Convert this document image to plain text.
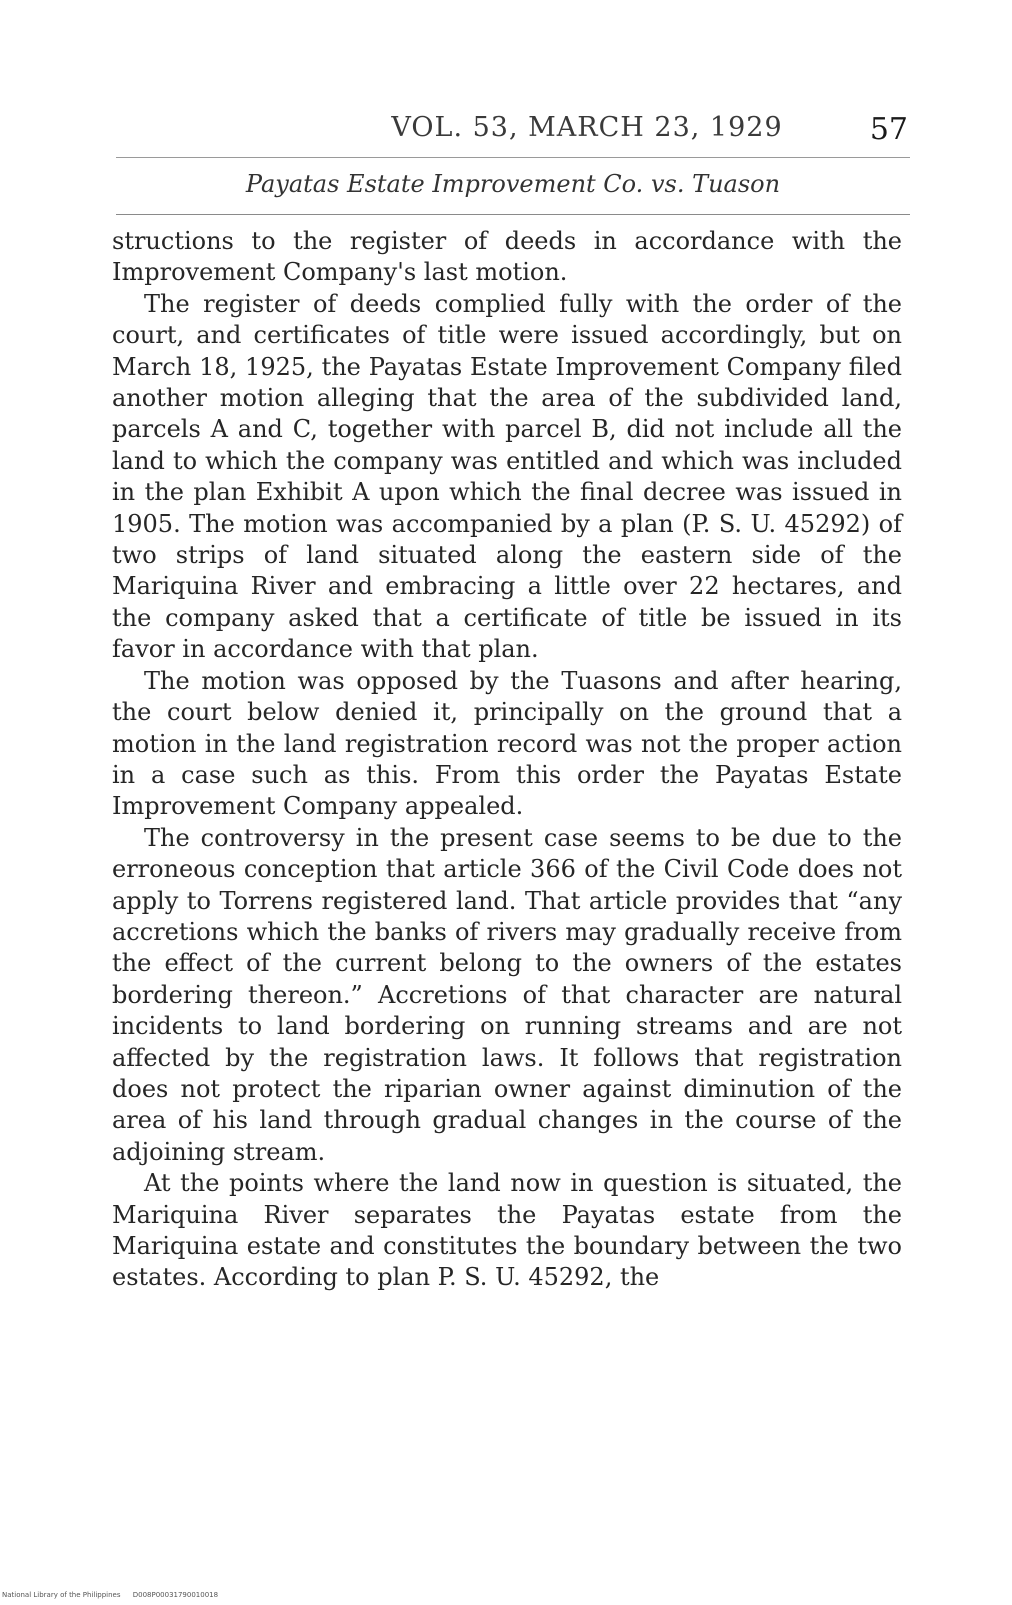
VOL. 53, MARCH 23, 1929	57
Payatas Estate Improvement Co. vs. Tuason

structions to the register of deeds in accordance with the Improvement Company's last motion.

The register of deeds complied fully with the order of the court, and certificates of title were issued accordingly, but on March 18, 1925, the Payatas Estate Improvement Company filed another motion alleging that the area of the subdivided land, parcels A and C, together with parcel B, did not include all the land to which the company was entitled and which was included in the plan Exhibit A upon which the final decree was issued in 1905. The motion was accompanied by a plan (P. S. U. 45292) of two strips of land situated along the eastern side of the Mariquina River and embracing a little over 22 hectares, and the company asked that a certificate of title be issued in its favor in accordance with that plan.

The motion was opposed by the Tuasons and after hearing, the court below denied it, principally on the ground that a motion in the land registration record was not the proper action in a case such as this. From this order the Payatas Estate Improvement Company appealed.

The controversy in the present case seems to be due to the erroneous conception that article 366 of the Civil Code does not apply to Torrens registered land. That article provides that “any accretions which the banks of rivers may gradually receive from the effect of the current belong to the owners of the estates bordering thereon.” Accretions of that character are natural incidents to land bordering on running streams and are not affected by the registration laws. It follows that registration does not protect the riparian owner against diminution of the area of his land through gradual changes in the course of the adjoining stream.

At the points where the land now in question is situated, the Mariquina River separates the Payatas estate from the Mariquina estate and constitutes the boundary between the two estates. According to plan P. S. U. 45292, the

National Library of the Philippines D008P00031790010018
